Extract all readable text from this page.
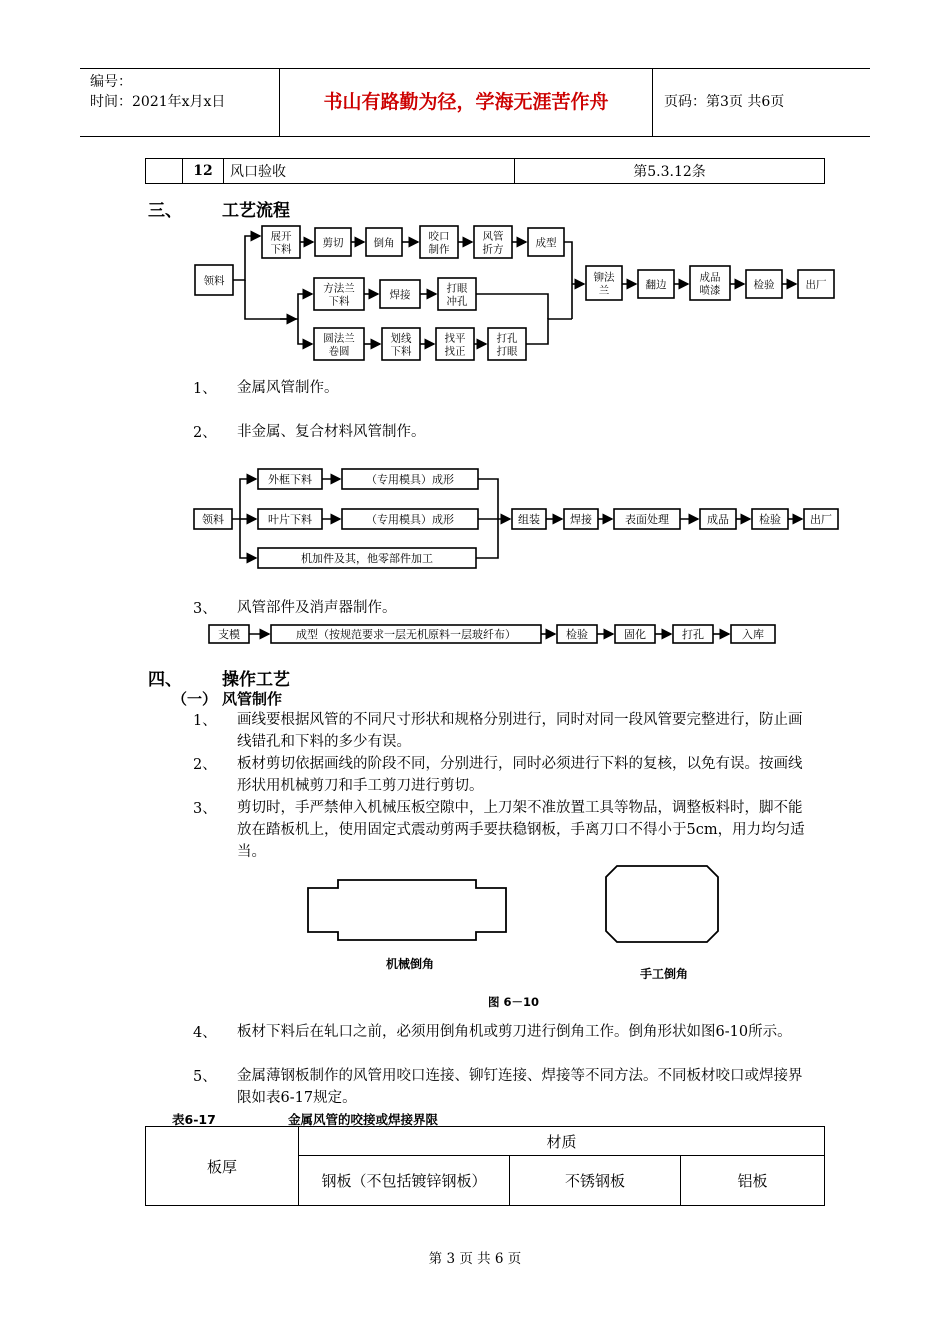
编号：
时间：2021年x月x日	书山有路勤为径，学海无涯苦作舟	页码：第3页 共6页
	12	风口验收	第5.3.12条
三、 工艺流程
领料
展开下料
剪切	倒角
咬口制作
风管折方
成型
方法兰下料
焊接
打眼冲孔
圆法兰卷圆
划线下料
找平找正
打孔打眼
铆法兰	翻边
成品喷漆	检验	出厂
1、 金属风管制作。
2、 非金属、复合材料风管制作。
领料
外框下料	（专用模具）成形
叶片下料	（专用模具）成形
机加件及其，他零部件加工
组装	焊接	表面处理	成品	检验	出厂
3、 风管部件及消声器制作。
支模	成型（按规范要求一层无机原料一层玻纤布）	检验	固化	打孔	入库
四、 操作工艺
（一） 风管制作
1、 画线要根据风管的不同尺寸形状和规格分别进行，同时对同一段风管要完整进行，防止画线错孔和下料的多少有误。
2、 板材剪切依据画线的阶段不同，分别进行，同时必须进行下料的复核，以免有误。按画线形状用机械剪刀和手工剪刀进行剪切。
3、 剪切时，手严禁伸入机械压板空隙中，上刀架不准放置工具等物品，调整板料时，脚不能放在踏板机上，使用固定式震动剪两手要扶稳钢板，手离刀口不得小于5cm，用力均匀适当。
机械倒角
手工倒角
图 6－10
4、 板材下料后在轧口之前，必须用倒角机或剪刀进行倒角工作。倒角形状如图6-10所示。
5、 金属薄钢板制作的风管用咬口连接、铆钉连接、焊接等不同方法。不同板材咬口或焊接界限如表6-17规定。
表6-17	金属风管的咬接或焊接界限
板厚	材质		
	钢板（不包括镀锌钢板）	不锈钢板	铝板
第 3 页 共 6 页
